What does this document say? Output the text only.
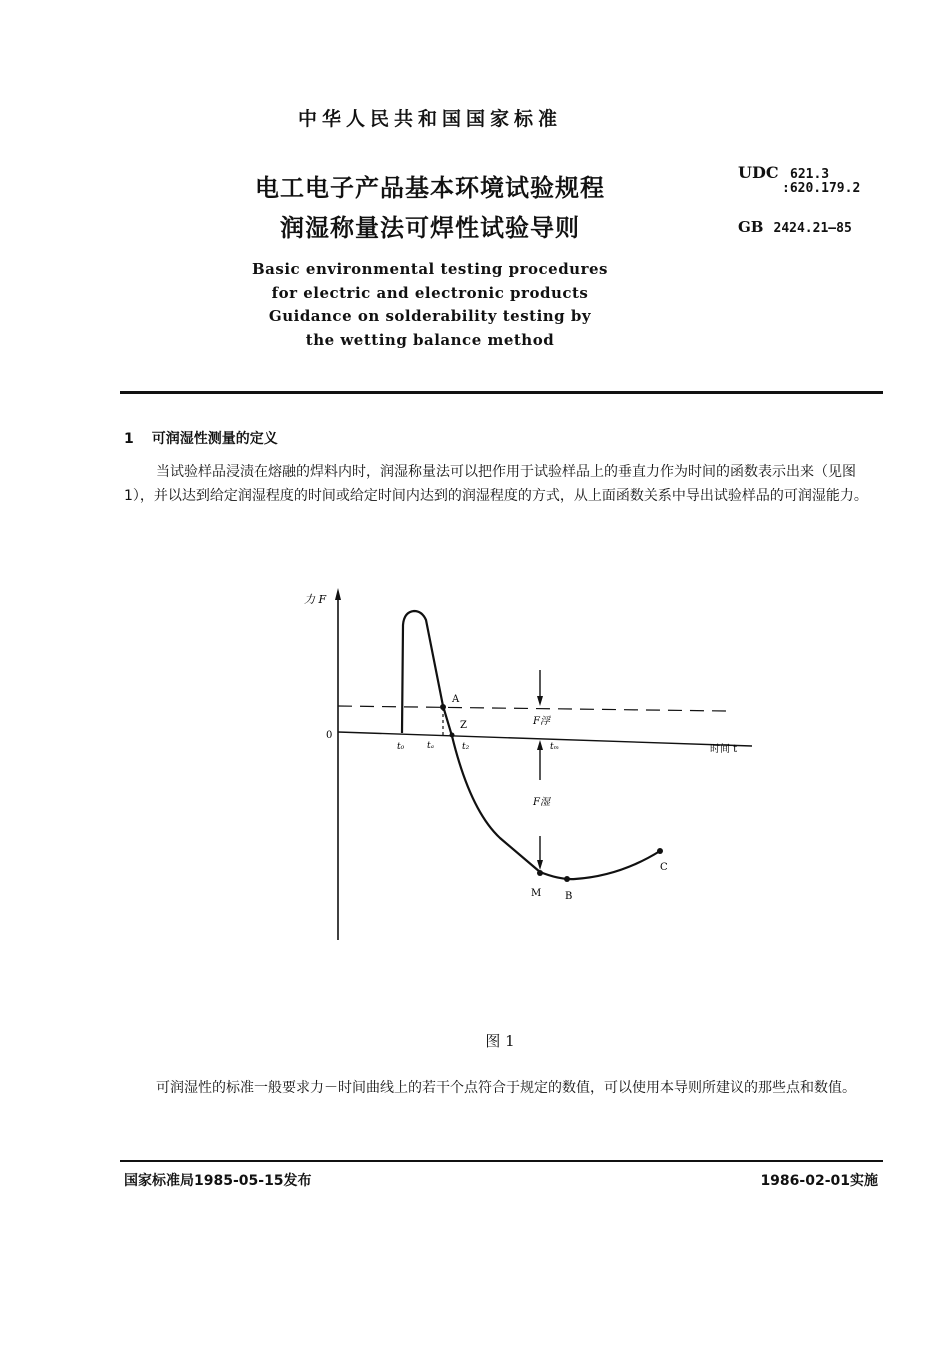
中华人民共和国国家标准
电工电子产品基本环境试验规程
润湿称量法可焊性试验导则
UDC 621.3
:620.179.2
GB 2424.21—85
Basic environmental testing procedures
for electric and electronic products
Guidance on solderability testing by
the wetting balance method
1 可润湿性测量的定义
当试验样品浸渍在熔融的焊料内时，润湿称量法可以把作用于试验样品上的垂直力作为时间的函数表示出来（见图 1），并以达到给定润湿程度的时间或给定时间内达到的润湿程度的方式，从上面函数关系中导出试验样品的可润湿能力。
力 F
0
时间 t
t₀	tₐ	t₂	tₘ
A
Z	F浮
F湿
M B
C
图 1
可润湿性的标准一般要求力－时间曲线上的若干个点符合于规定的数值，可以使用本导则所建议的那些点和数值。
国家标准局1985-05-15发布	1986-02-01实施
